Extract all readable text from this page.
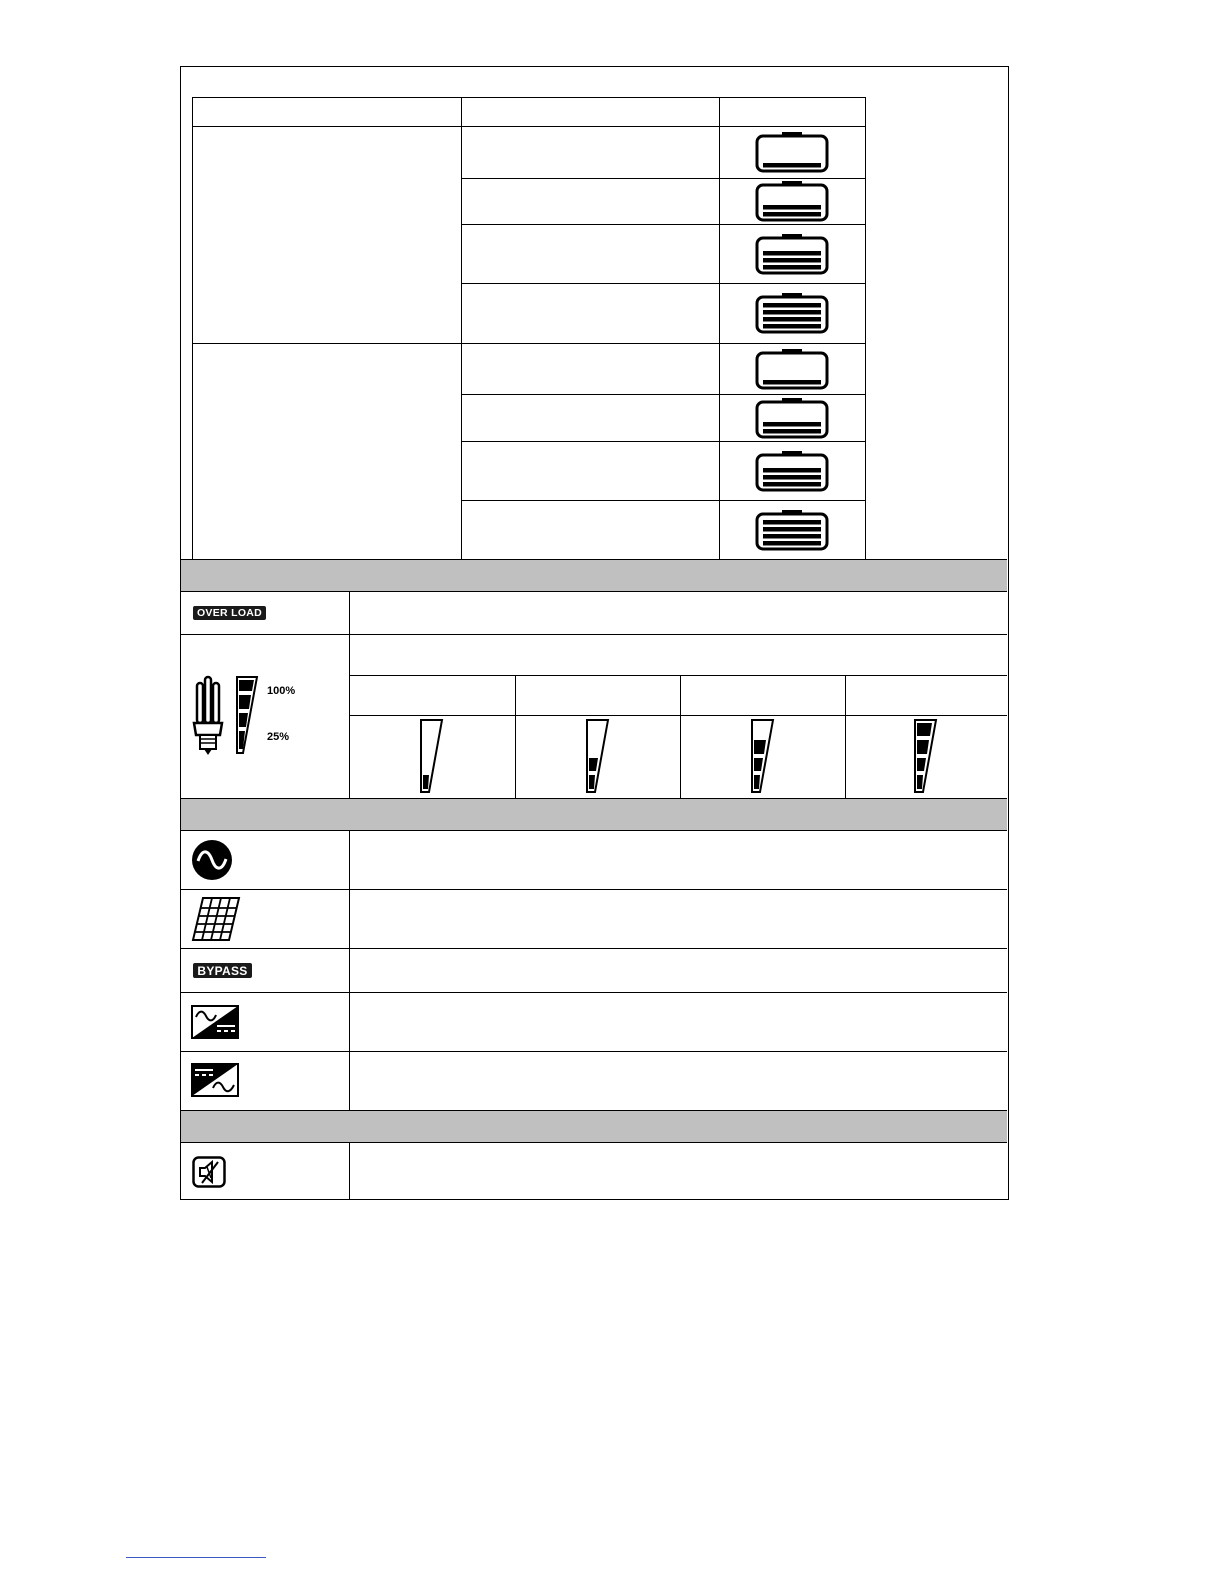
OVER LOAD
100%
25%
BYPASS
